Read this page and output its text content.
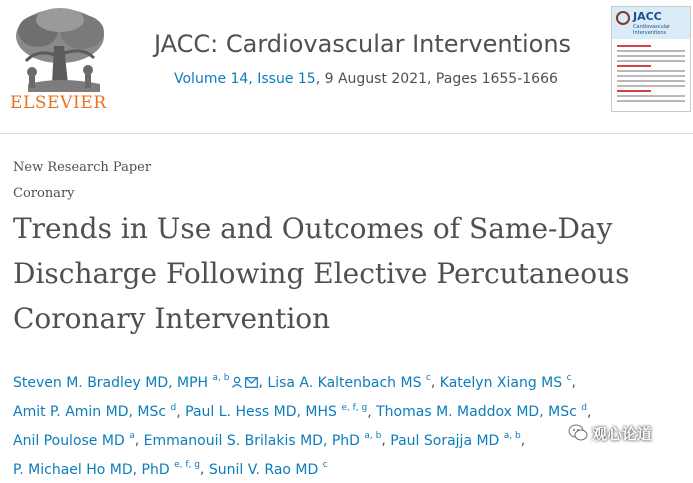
ELSEVIER
JACC: Cardiovascular Interventions
Volume 14, Issue 15, 9 August 2021, Pages 1655-1666
JACC
Cardiovascular
Interventions
New Research Paper
Coronary
Trends in Use and Outcomes of Same-Day Discharge Following Elective Percutaneous Coronary Intervention
Steven M. Bradley MD, MPH $^{a, b}$ , Lisa A. Kaltenbach MS $^c$, Katelyn Xiang MS $^c$, Amit P. Amin MD, MSc $^d$, Paul L. Hess MD, MHS $^{e, f, g}$, Thomas M. Maddox MD, MSc $^d$, Anil Poulose MD $^a$, Emmanouil S. Brilakis MD, PhD $^{a, b}$, Paul Sorajja MD $^{a, b}$, P. Michael Ho MD, PhD $^{e, f, g}$, Sunil V. Rao MD $^c$
观心论道
